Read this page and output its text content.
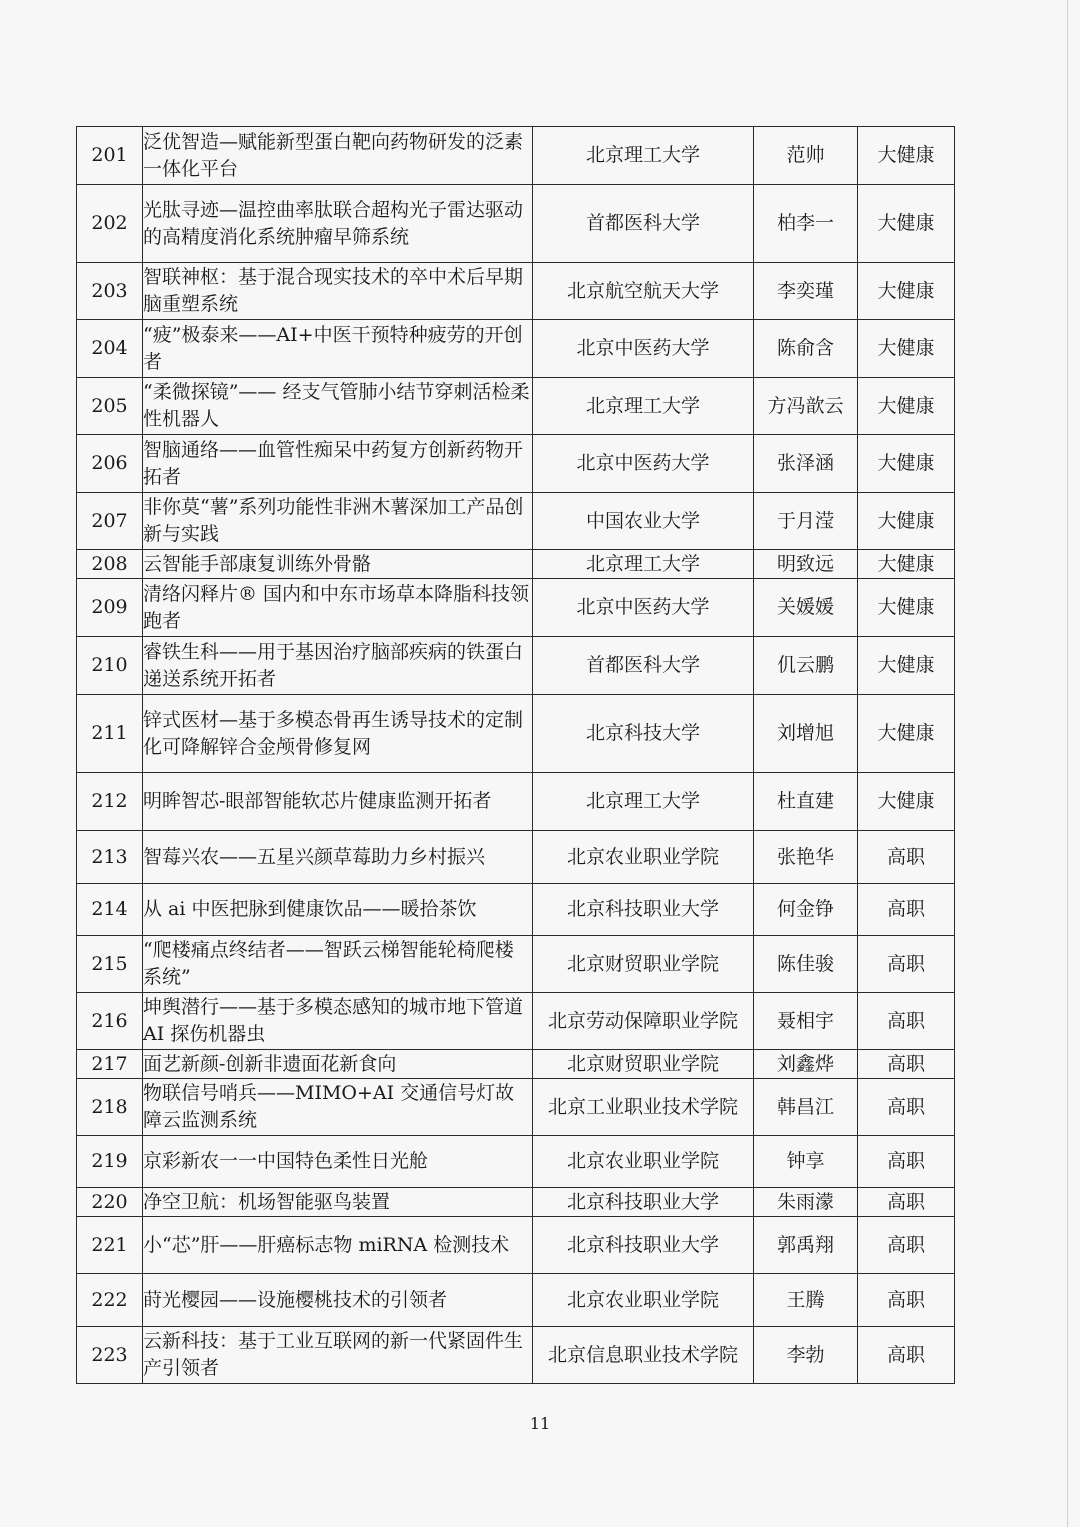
201	泛优智造—赋能新型蛋白靶向药物研发的泛素一体化平台	北京理工大学	范帅	大健康
202	光肽寻迹—温控曲率肽联合超构光子雷达驱动的高精度消化系统肿瘤早筛系统	首都医科大学	柏李一	大健康
203	智联神枢：基于混合现实技术的卒中术后早期脑重塑系统	北京航空航天大学	李奕瑾	大健康
204	“疲”极泰来——AI+中医干预特种疲劳的开创者	北京中医药大学	陈俞含	大健康
205	“柔微探镜”—— 经支气管肺小结节穿刺活检柔性机器人	北京理工大学	方冯歆云	大健康
206	智脑通络——血管性痴呆中药复方创新药物开拓者	北京中医药大学	张泽涵	大健康
207	非你莫“薯”系列功能性非洲木薯深加工产品创新与实践	中国农业大学	于月滢	大健康
208	云智能手部康复训练外骨骼	北京理工大学	明致远	大健康
209	清络闪释片® 国内和中东市场草本降脂科技领跑者	北京中医药大学	关媛媛	大健康
210	睿铁生科——用于基因治疗脑部疾病的铁蛋白递送系统开拓者	首都医科大学	仉云鹏	大健康
211	锌式医材—基于多模态骨再生诱导技术的定制化可降解锌合金颅骨修复网	北京科技大学	刘增旭	大健康
212	明眸智芯-眼部智能软芯片健康监测开拓者	北京理工大学	杜直建	大健康
213	智莓兴农——五星兴颜草莓助力乡村振兴	北京农业职业学院	张艳华	高职
214	从 ai 中医把脉到健康饮品——暖拾茶饮	北京科技职业大学	何金铮	高职
215	“爬楼痛点终结者——智跃云梯智能轮椅爬楼系统”	北京财贸职业学院	陈佳骏	高职
216	坤舆潜行——基于多模态感知的城市地下管道 AI 探伤机器虫	北京劳动保障职业学院	聂相宇	高职
217	面艺新颜-创新非遗面花新食向	北京财贸职业学院	刘鑫烨	高职
218	物联信号哨兵——MIMO+AI 交通信号灯故障云监测系统	北京工业职业技术学院	韩昌江	高职
219	京彩新农一一中国特色柔性日光舱	北京农业职业学院	钟享	高职
220	净空卫航：机场智能驱鸟装置	北京科技职业大学	朱雨濛	高职
221	小“芯”肝——肝癌标志物 miRNA 检测技术	北京科技职业大学	郭禹翔	高职
222	莳光樱园——设施樱桃技术的引领者	北京农业职业学院	王腾	高职
223	云新科技：基于工业互联网的新一代紧固件生产引领者	北京信息职业技术学院	李勃	高职
11
